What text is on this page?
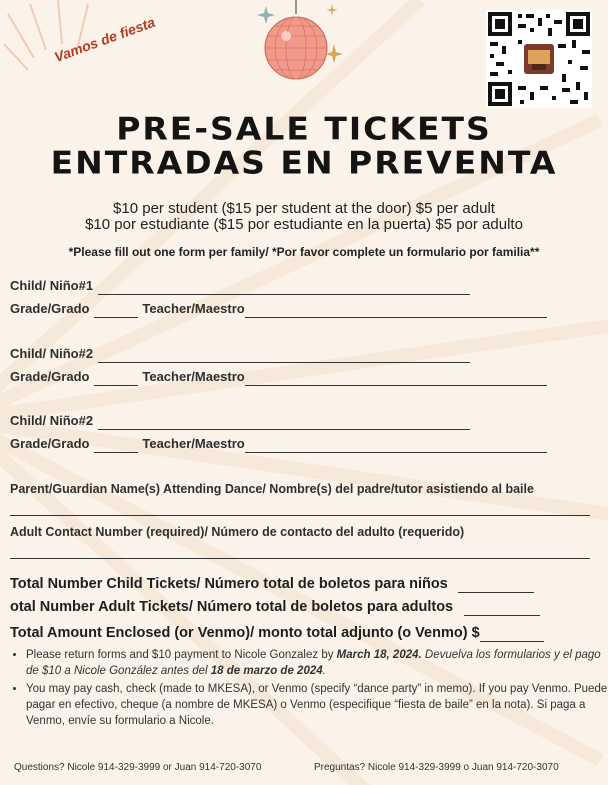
Vamos de fiesta
PRE-SALE TICKETS
ENTRADAS EN PREVENTA
$10 per student ($15 per student at the door) $5 per adult
$10 por estudiante ($15 por estudiante en la puerta) $5 por adulto
*Please fill out one form per family/ *Por favor complete un formulario por familia**
Child/ Niño#1
Grade/Grado	Teacher/Maestro
Child/ Niño#2
Grade/Grado	Teacher/Maestro
Child/ Niño#2
Grade/Grado	Teacher/Maestro
Parent/Guardian Name(s) Attending Dance/ Nombre(s) del padre/tutor asistiendo al baile
Adult Contact Number (required)/ Número de contacto del adulto (requerido)
Total Number Child Tickets/ Número total de boletos para niños
otal Number Adult Tickets/ Número total de boletos para adultos
Total Amount Enclosed (or Venmo)/ monto total adjunto (o Venmo) $
• Please return forms and $10 payment to Nicole Gonzalez by March 18, 2024. Devuelva los formularios y el pago de $10 a Nicole González antes del 18 de marzo de 2024.
• You may pay cash, check (made to MKESA), or Venmo (specify “dance party” in memo). If you pay Venmo. Puede pagar en efectivo, cheque (a nombre de MKESA) o Venmo (especifique “fiesta de baile” en la nota). Si paga a Venmo, envíe su formulario a Nicole.
Questions? Nicole 914-329-3999 or Juan 914-720-3070	Preguntas? Nicole 914-329-3999 o Juan 914-720-3070
